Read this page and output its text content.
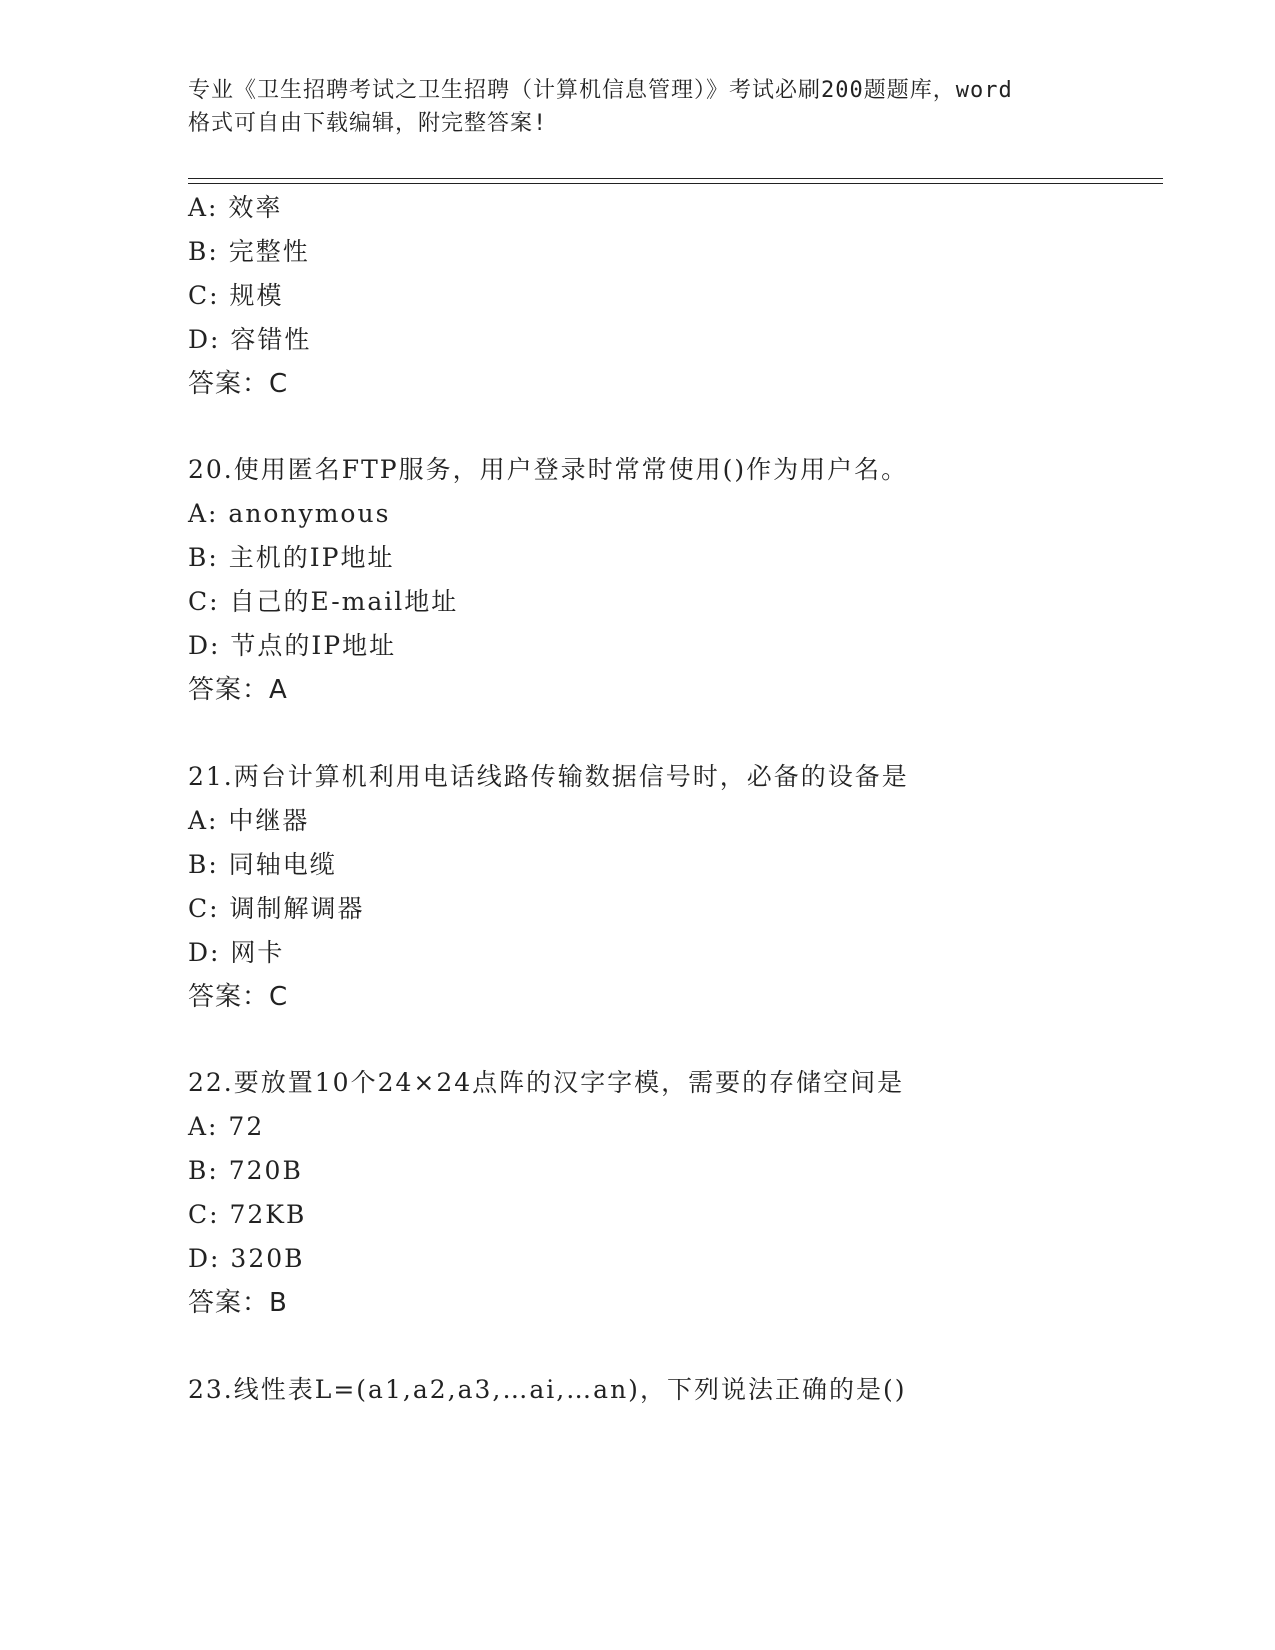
专业《卫生招聘考试之卫生招聘（计算机信息管理）》考试必刷200题题库，word
格式可自由下载编辑，附完整答案!
A: 效率
B: 完整性
C: 规模
D: 容错性
答案：C
20.使用匿名FTP服务，用户登录时常常使用()作为用户名。
A: anonymous
B: 主机的IP地址
C: 自己的E-mail地址
D: 节点的IP地址
答案：A
21.两台计算机利用电话线路传输数据信号时，必备的设备是
A: 中继器
B: 同轴电缆
C: 调制解调器
D: 网卡
答案：C
22.要放置10个24×24点阵的汉字字模，需要的存储空间是
A: 72
B: 720B
C: 72KB
D: 320B
答案：B
23.线性表L=(a1,a2,a3,…ai,…an)，下列说法正确的是()
